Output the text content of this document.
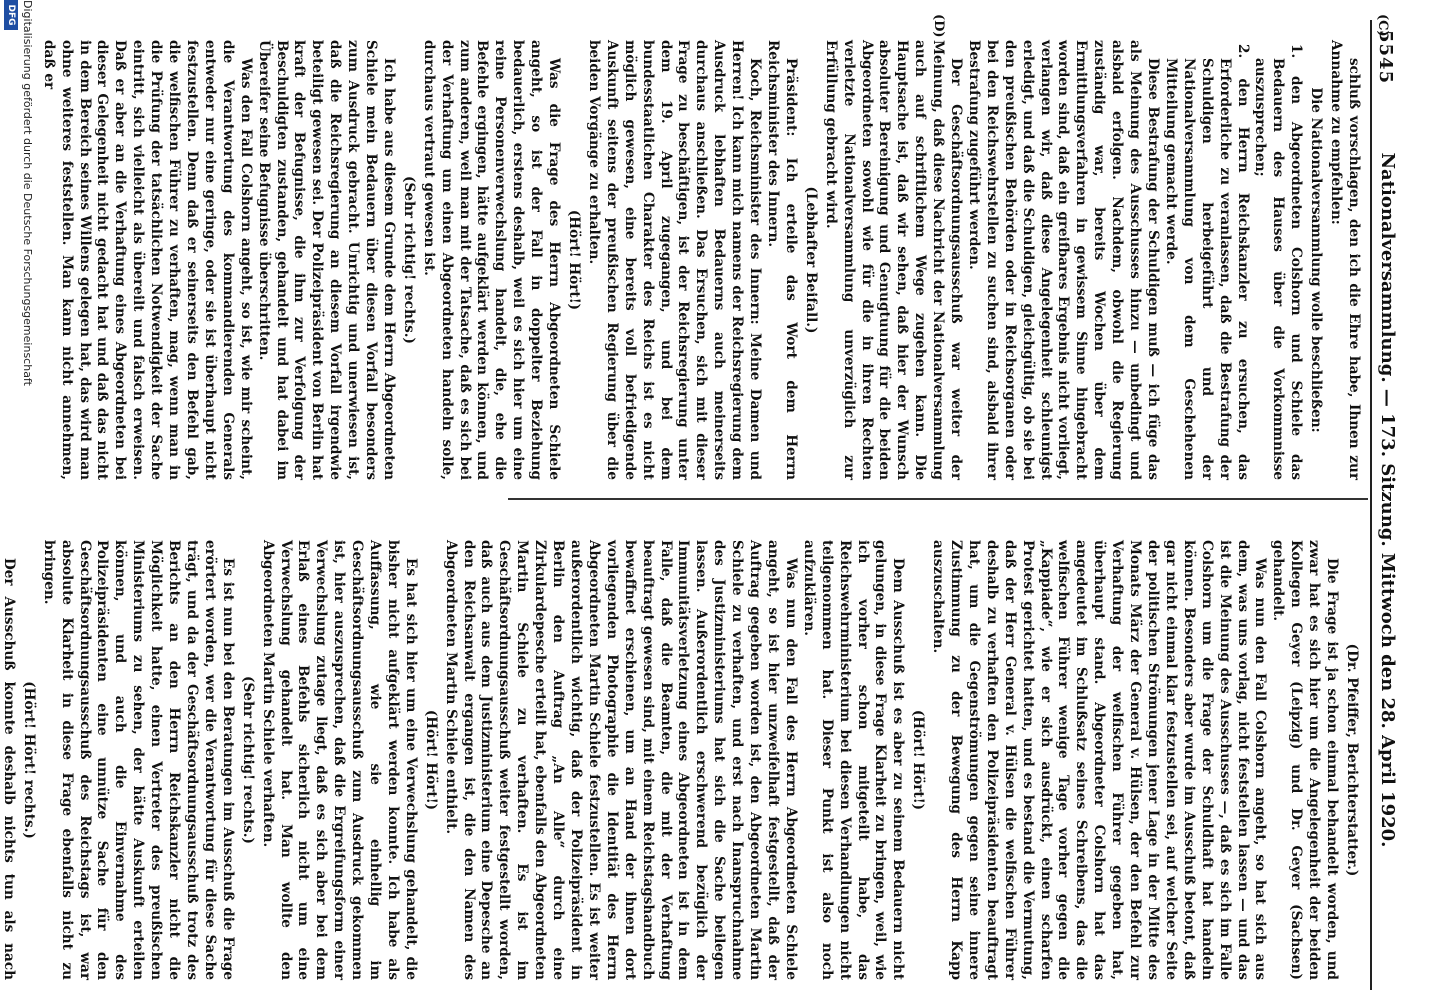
5545
Nationalversammlung. — 173. Sitzung. Mittwoch den 28. April 1920.
(C)
(D)

schluß vorschlagen, den ich die Ehre habe, Ihnen zur Annahme zu empfehlen:

Die Nationalversammlung wolle beschließen:

1. den Abgeordneten Colshorn und Schiele das Bedauern des Hauses über die Vorkommnisse auszusprechen;

2. den Herrn Reichskanzler zu ersuchen, das Erforderliche zu veranlassen, daß die Bestrafung der Schuldigen herbeigeführt und der Nationalversammlung von dem Geschehenen Mitteilung gemacht werde.

Diese Bestrafung der Schuldigen muß — ich füge das als Meinung des Ausschusses hinzu — unbedingt und alsbald erfolgen. Nachdem, obwohl die Regierung zuständig war, bereits Wochen über dem Ermittlungsverfahren in gewissem Sinne hingebracht worden sind, daß ein greifbares Ergebnis nicht vorliegt, verlangen wir, daß diese Angelegenheit schleunigst erledigt, und daß die Schuldigen, gleichgültig, ob sie bei den preußischen Behörden oder in Reichsorganen oder bei den Reichswehrstellen zu suchen sind, alsbald ihrer Bestrafung zugeführt werden.

Der Geschäftsordnungsausschuß war weiter der Meinung, daß diese Nachricht der Nationalversammlung auch auf schriftlichem Wege zugehen kann. Die Hauptsache ist, daß wir sehen, daß hier der Wunsch absoluter Bereinigung und Genugtuung für die beiden Abgeordneten sowohl wie für die in ihren Rechten verletzte Nationalversammlung unverzüglich zur Erfüllung gebracht wird.

(Lebhafter Beifall.)

Präsident: Ich erteile das Wort dem Herrn Reichsminister des Innern.

Koch, Reichsminister des Innern: Meine Damen und Herren! Ich kann mich namens der Reichsregierung dem Ausdruck lebhaften Bedauerns auch meinerseits durchaus anschließen. Das Ersuchen, sich mit dieser Frage zu beschäftigen, ist der Reichsregierung unter dem 19. April zugegangen, und bei dem bundesstaatlichen Charakter des Reichs ist es nicht möglich gewesen, eine bereits voll befriedigende Auskunft seitens der preußischen Regierung über die beiden Vorgänge zu erhalten.

(Hört! Hört!)

Was die Frage des Herrn Abgeordneten Schiele angeht, so ist der Fall in doppelter Beziehung bedauerlich, erstens deshalb, weil es sich hier um eine reine Personenverwechslung handelt, die, ehe die Befehle ergingen, hätte aufgeklärt werden können, und zum anderen, weil man mit der Tatsache, daß es sich bei der Verhaftung um einen Abgeordneten handeln solle, durchaus vertraut gewesen ist.

(Sehr richtig! rechts.)

Ich habe aus diesem Grunde dem Herrn Abgeordneten Schiele mein Bedauern über diesen Vorfall besonders zum Ausdruck gebracht. Unrichtig und unerwiesen ist, daß die Reichsregierung an diesem Vorfall irgendwie beteiligt gewesen sei. Der Polizeipräsident von Berlin hat kraft der Befugnisse, die ihm zur Verfolgung der Beschuldigten zustanden, gehandelt und hat dabei im Übereifer seine Befugnisse überschritten.

Was den Fall Colshorn angeht, so ist, wie mir scheint, die Verantwortung des kommandierenden Generals entweder nur eine geringe, oder sie ist überhaupt nicht festzustellen. Denn daß er seinerseits den Befehl gab, die welfischen Führer zu verhaften, mag, wenn man in die Prüfung der tatsächlichen Notwendigkeit der Sache eintritt, sich vielleicht als übereilt und falsch erweisen. Daß er aber an die Verhaftung eines Abgeordneten bei dieser Gelegenheit nicht gedacht hat und daß das nicht in dem Bereich seines Willens gelegen hat, das wird man ohne weiteres feststellen. Man kann nicht annehmen, daß er

(Dr. Pfeiffer, Berichterstatter.)

Die Frage ist ja schon einmal behandelt worden, und zwar hat es sich hier um die Angelegenheit der beiden Kollegen Geyer (Leipzig) und Dr. Geyer (Sachsen) gehandelt.

Was nun den Fall Colshorn angeht, so hat sich aus dem, was uns vorlag, nicht feststellen lassen — und das ist die Meinung des Ausschusses —, daß es sich im Falle Colshorn um die Frage der Schuldhaft hat handeln können. Besonders aber wurde im Ausschuß betont, daß gar nicht einmal klar festzustellen sei, auf welcher Seite der politischen Strömungen jener Lage in der Mitte des Monats März der General v. Hülsen, der den Befehl zur Verhaftung der welfischen Führer gegeben hat, überhaupt stand. Abgeordneter Colshorn hat das angedeutet im Schlußsatz seines Schreibens, das die welfischen Führer wenige Tage vorher gegen die „Kappiade“, wie er sich ausdrückt, einen scharfen Protest gerichtet hatten, und es bestand die Vermutung, daß der Herr General v. Hülsen die welfischen Führer deshalb zu verhaften den Polizeipräsidenten beauftragt hat, um die Gegenströmungen gegen seine innere Zustimmung zu der Bewegung des Herrn Kapp auszuschalten.

(Hört! Hört!)

Dem Ausschuß ist es aber zu seinem Bedauern nicht gelungen, in diese Frage Klarheit zu bringen, weil, wie ich vorher schon mitgeteilt habe, das Reichswehrministerium bei diesen Verhandlungen nicht teilgenommen hat. Dieser Punkt ist also noch aufzuklären.

Was nun den Fall des Herrn Abgeordneten Schiele angeht, so ist hier unzweifelhaft festgestellt, daß der Auftrag gegeben worden ist, den Abgeordneten Martin Schiele zu verhaften, und erst nach Inanspruchnahme des Justizministeriums hat sich die Sache beilegen lassen. Außerordentlich erschwerend bezüglich der Immunitätsverletzung eines Abgeordneten ist in dem Falle, daß die Beamten, die mit der Verhaftung beauftragt gewesen sind, mit einem Reichstagshandbuch bewaffnet erschienen, um an Hand der ihnen dort vorliegenden Photographie die Identität des Herrn Abgeordneten Martin Schiele festzustellen. Es ist weiter außerordentlich wichtig, daß der Polizeipräsident in Berlin den Auftrag „An Alle“ durch eine Zirkulardepesche erteilt hat, ebenfalls den Abgeordneten Martin Schiele zu verhaften. Es ist im Geschäftsordnungsausschuß weiter festgestellt worden, daß auch aus dem Justizministerium eine Depesche an den Reichsanwalt ergangen ist, die den Namen des Abgeordneten Martin Schiele enthielt.

(Hört! Hört!)

Es hat sich hier um eine Verwechslung gehandelt, die bisher nicht aufgeklärt werden konnte. Ich habe als Auffassung, wie sie einhellig im Geschäftsordnungsausschuß zum Ausdruck gekommen ist, hier auszusprechen, daß die Ergreifungsform einer Verwechslung zutage liegt, daß es sich aber bei dem Erlaß eines Befehls sicherlich nicht um eine Verwechslung gehandelt hat. Man wollte den Abgeordneten Martin Schiele verhaften.

(Sehr richtig! rechts.)

Es ist nun bei den Beratungen im Ausschuß die Frage erörtert worden, wer die Verantwortung für diese Sache trägt, und da der Geschäftsordnungsausschuß trotz des Berichts an den Herrn Reichskanzler nicht die Möglichkeit hatte, einen Vertreter des preußischen Ministeriums zu sehen, der hätte Auskunft erteilen können, und auch die Einvernahme des Polizeipräsidenten eine unnütze Sache für den Geschäftsordnungsausschuß des Reichstags ist, war absolute Klarheit in diese Frage ebenfalls nicht zu bringen.

(Hört! Hört! rechts.)

Der Ausschuß konnte deshalb nichts tun als nach

Digitalisierung gefördert durch die Deutsche Forschungsgemeinschaft
DFG
